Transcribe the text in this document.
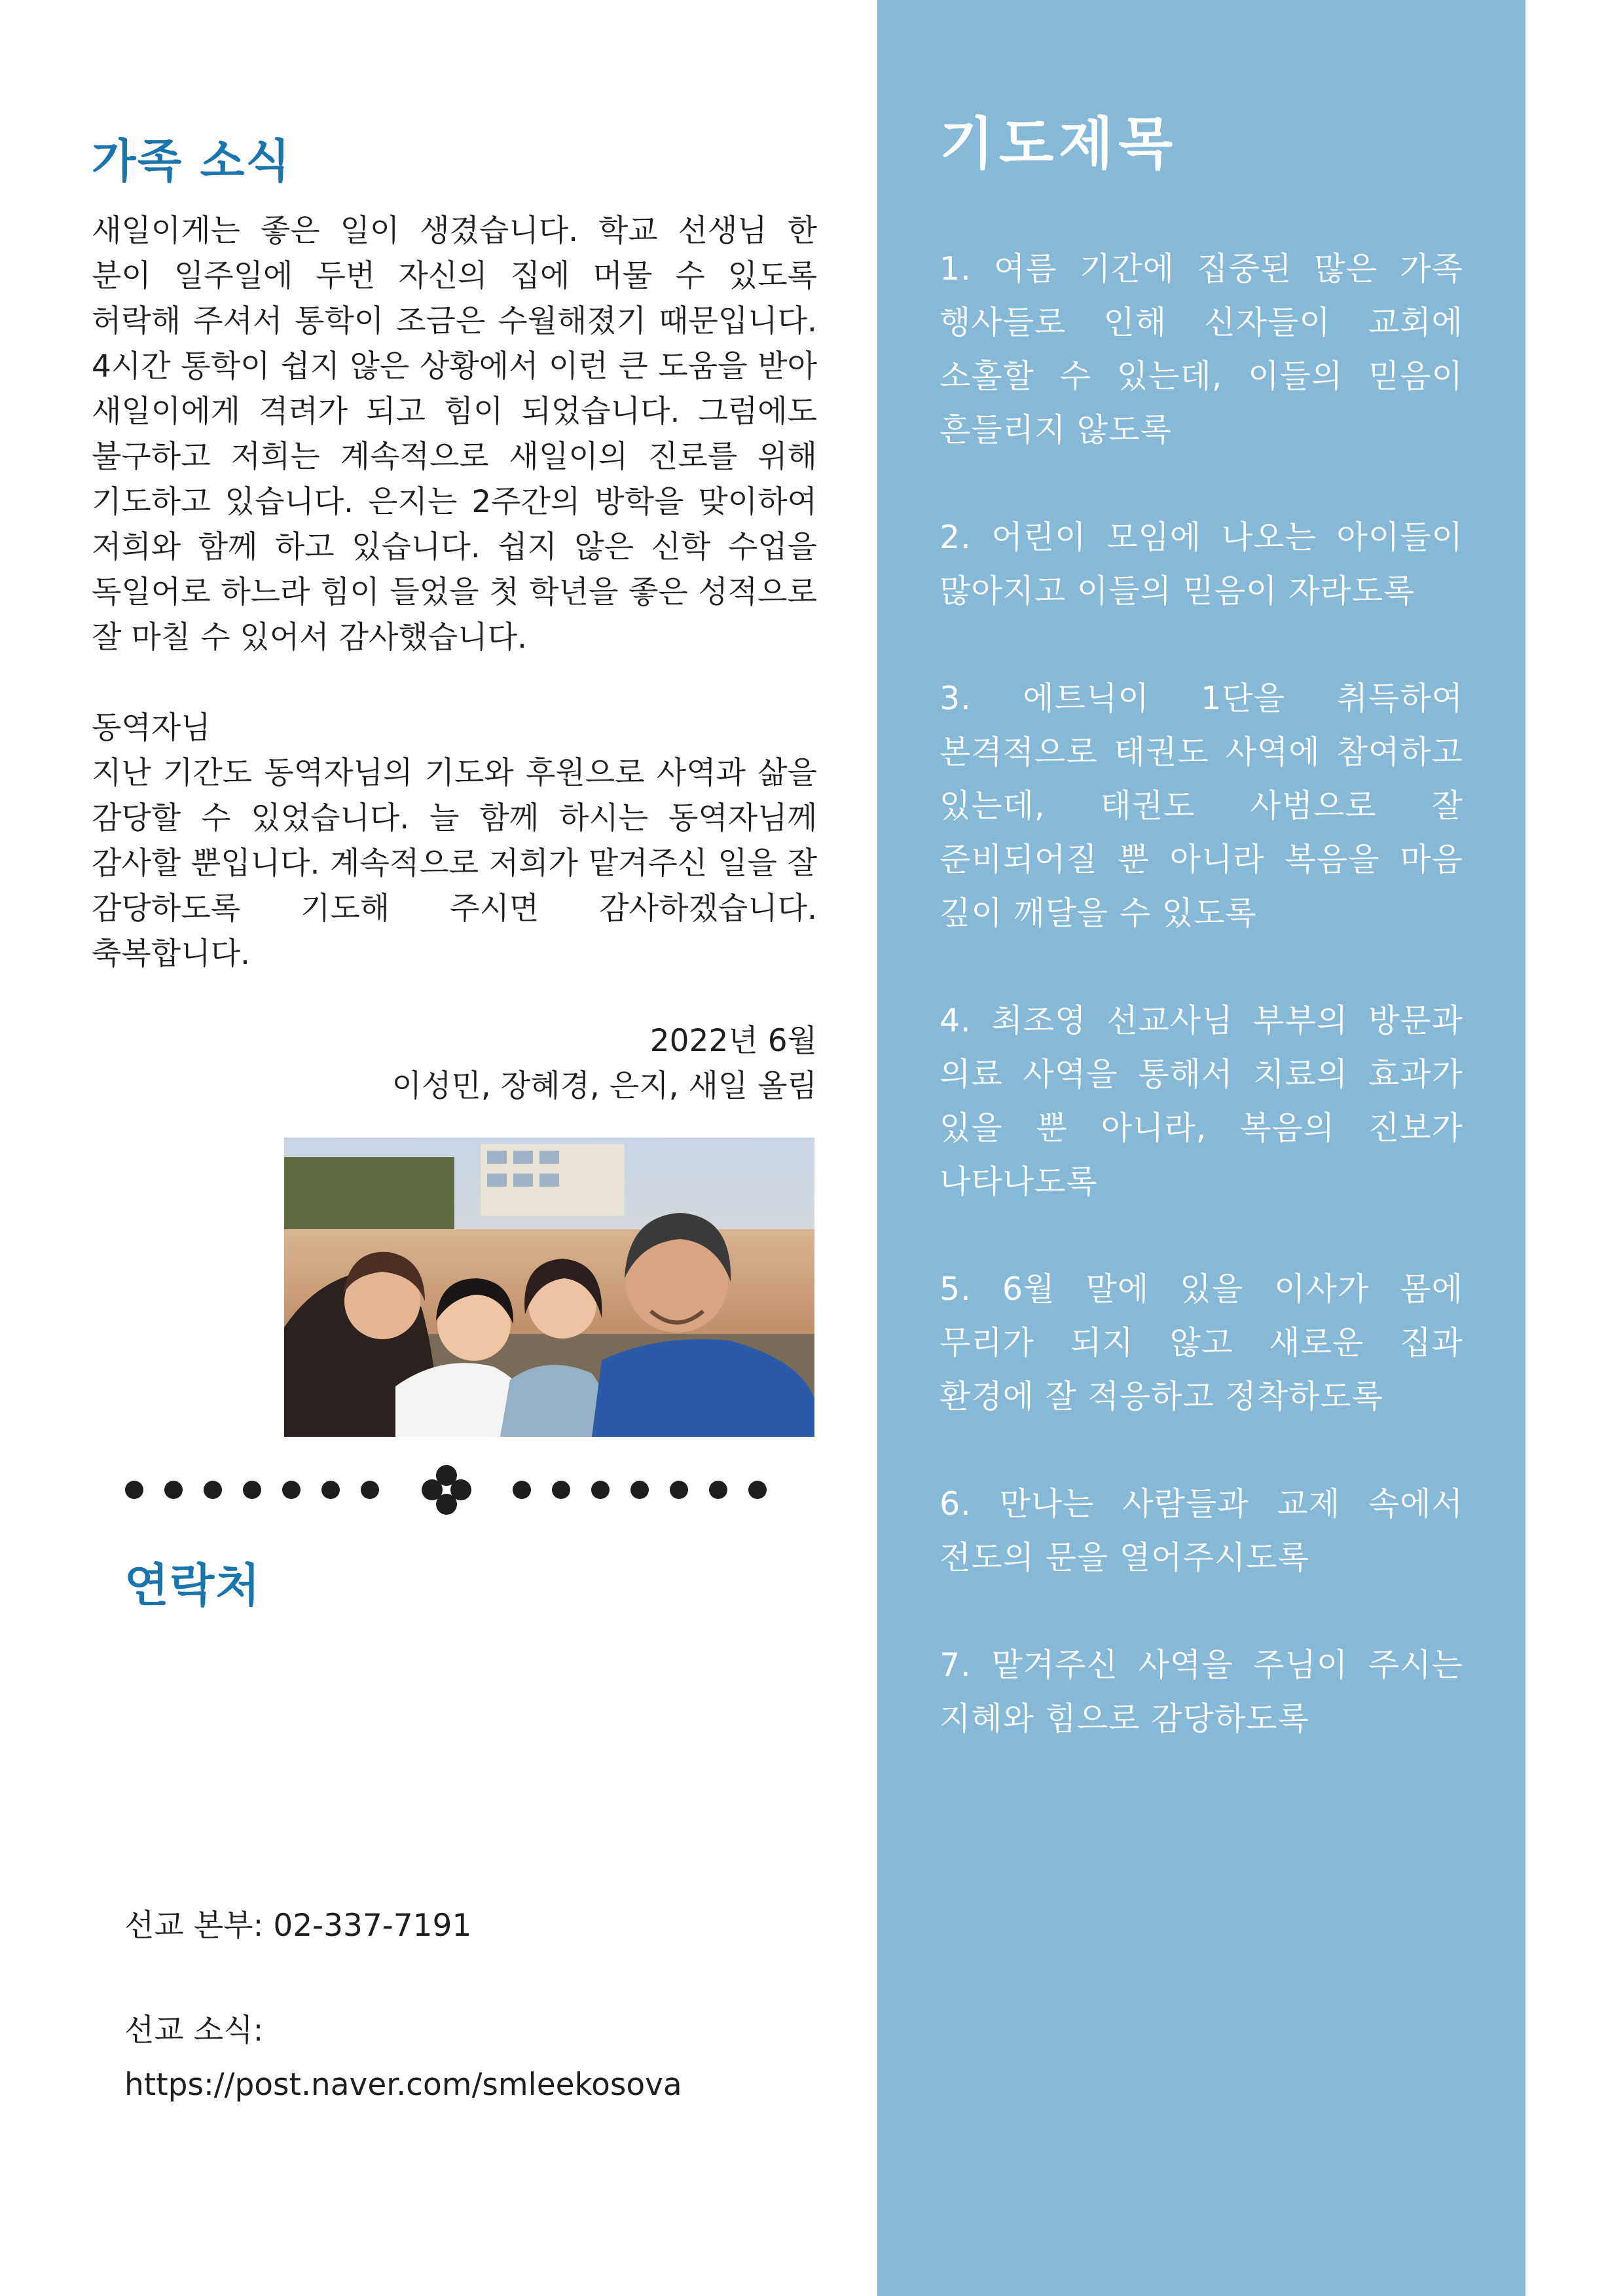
가족 소식

새일이게는 좋은 일이 생겼습니다. 학교 선생님 한 분이 일주일에 두번 자신의 집에 머물 수 있도록 허락해 주셔서 통학이 조금은 수월해졌기 때문입니다. 4시간 통학이 쉽지 않은 상황에서 이런 큰 도움을 받아 새일이에게 격려가 되고 힘이 되었습니다. 그럼에도 불구하고 저희는 계속적으로 새일이의 진로를 위해 기도하고 있습니다. 은지는 2주간의 방학을 맞이하여 저희와 함께 하고 있습니다. 쉽지 않은 신학 수업을 독일어로 하느라 힘이 들었을 첫 학년을 좋은 성적으로 잘 마칠 수 있어서 감사했습니다.

동역자님

지난 기간도 동역자님의 기도와 후원으로 사역과 삶을 감당할 수 있었습니다. 늘 함께 하시는 동역자님께 감사할 뿐입니다. 계속적으로 저희가 맡겨주신 일을 잘 감당하도록 기도해 주시면 감사하겠습니다. 축복합니다.

2022년 6월
이성민, 장혜경, 은지, 새일 올림
연락처
선교 본부: 02-337-7191
선교 소식:
https://post.naver.com/smleekosova
기도제목
1. 여름 기간에 집중된 많은 가족 행사들로 인해 신자들이 교회에 소홀할 수 있는데, 이들의 믿음이 흔들리지 않도록
2. 어린이 모임에 나오는 아이들이 많아지고 이들의 믿음이 자라도록
3. 에트닉이 1단을 취득하여 본격적으로 태권도 사역에 참여하고 있는데, 태권도 사범으로 잘 준비되어질 뿐 아니라 복음을 마음 깊이 깨달을 수 있도록
4. 최조영 선교사님 부부의 방문과 의료 사역을 통해서 치료의 효과가 있을 뿐 아니라, 복음의 진보가 나타나도록
5. 6월 말에 있을 이사가 몸에 무리가 되지 않고 새로운 집과 환경에 잘 적응하고 정착하도록
6. 만나는 사람들과 교제 속에서 전도의 문을 열어주시도록
7. 맡겨주신 사역을 주님이 주시는 지혜와 힘으로 감당하도록
